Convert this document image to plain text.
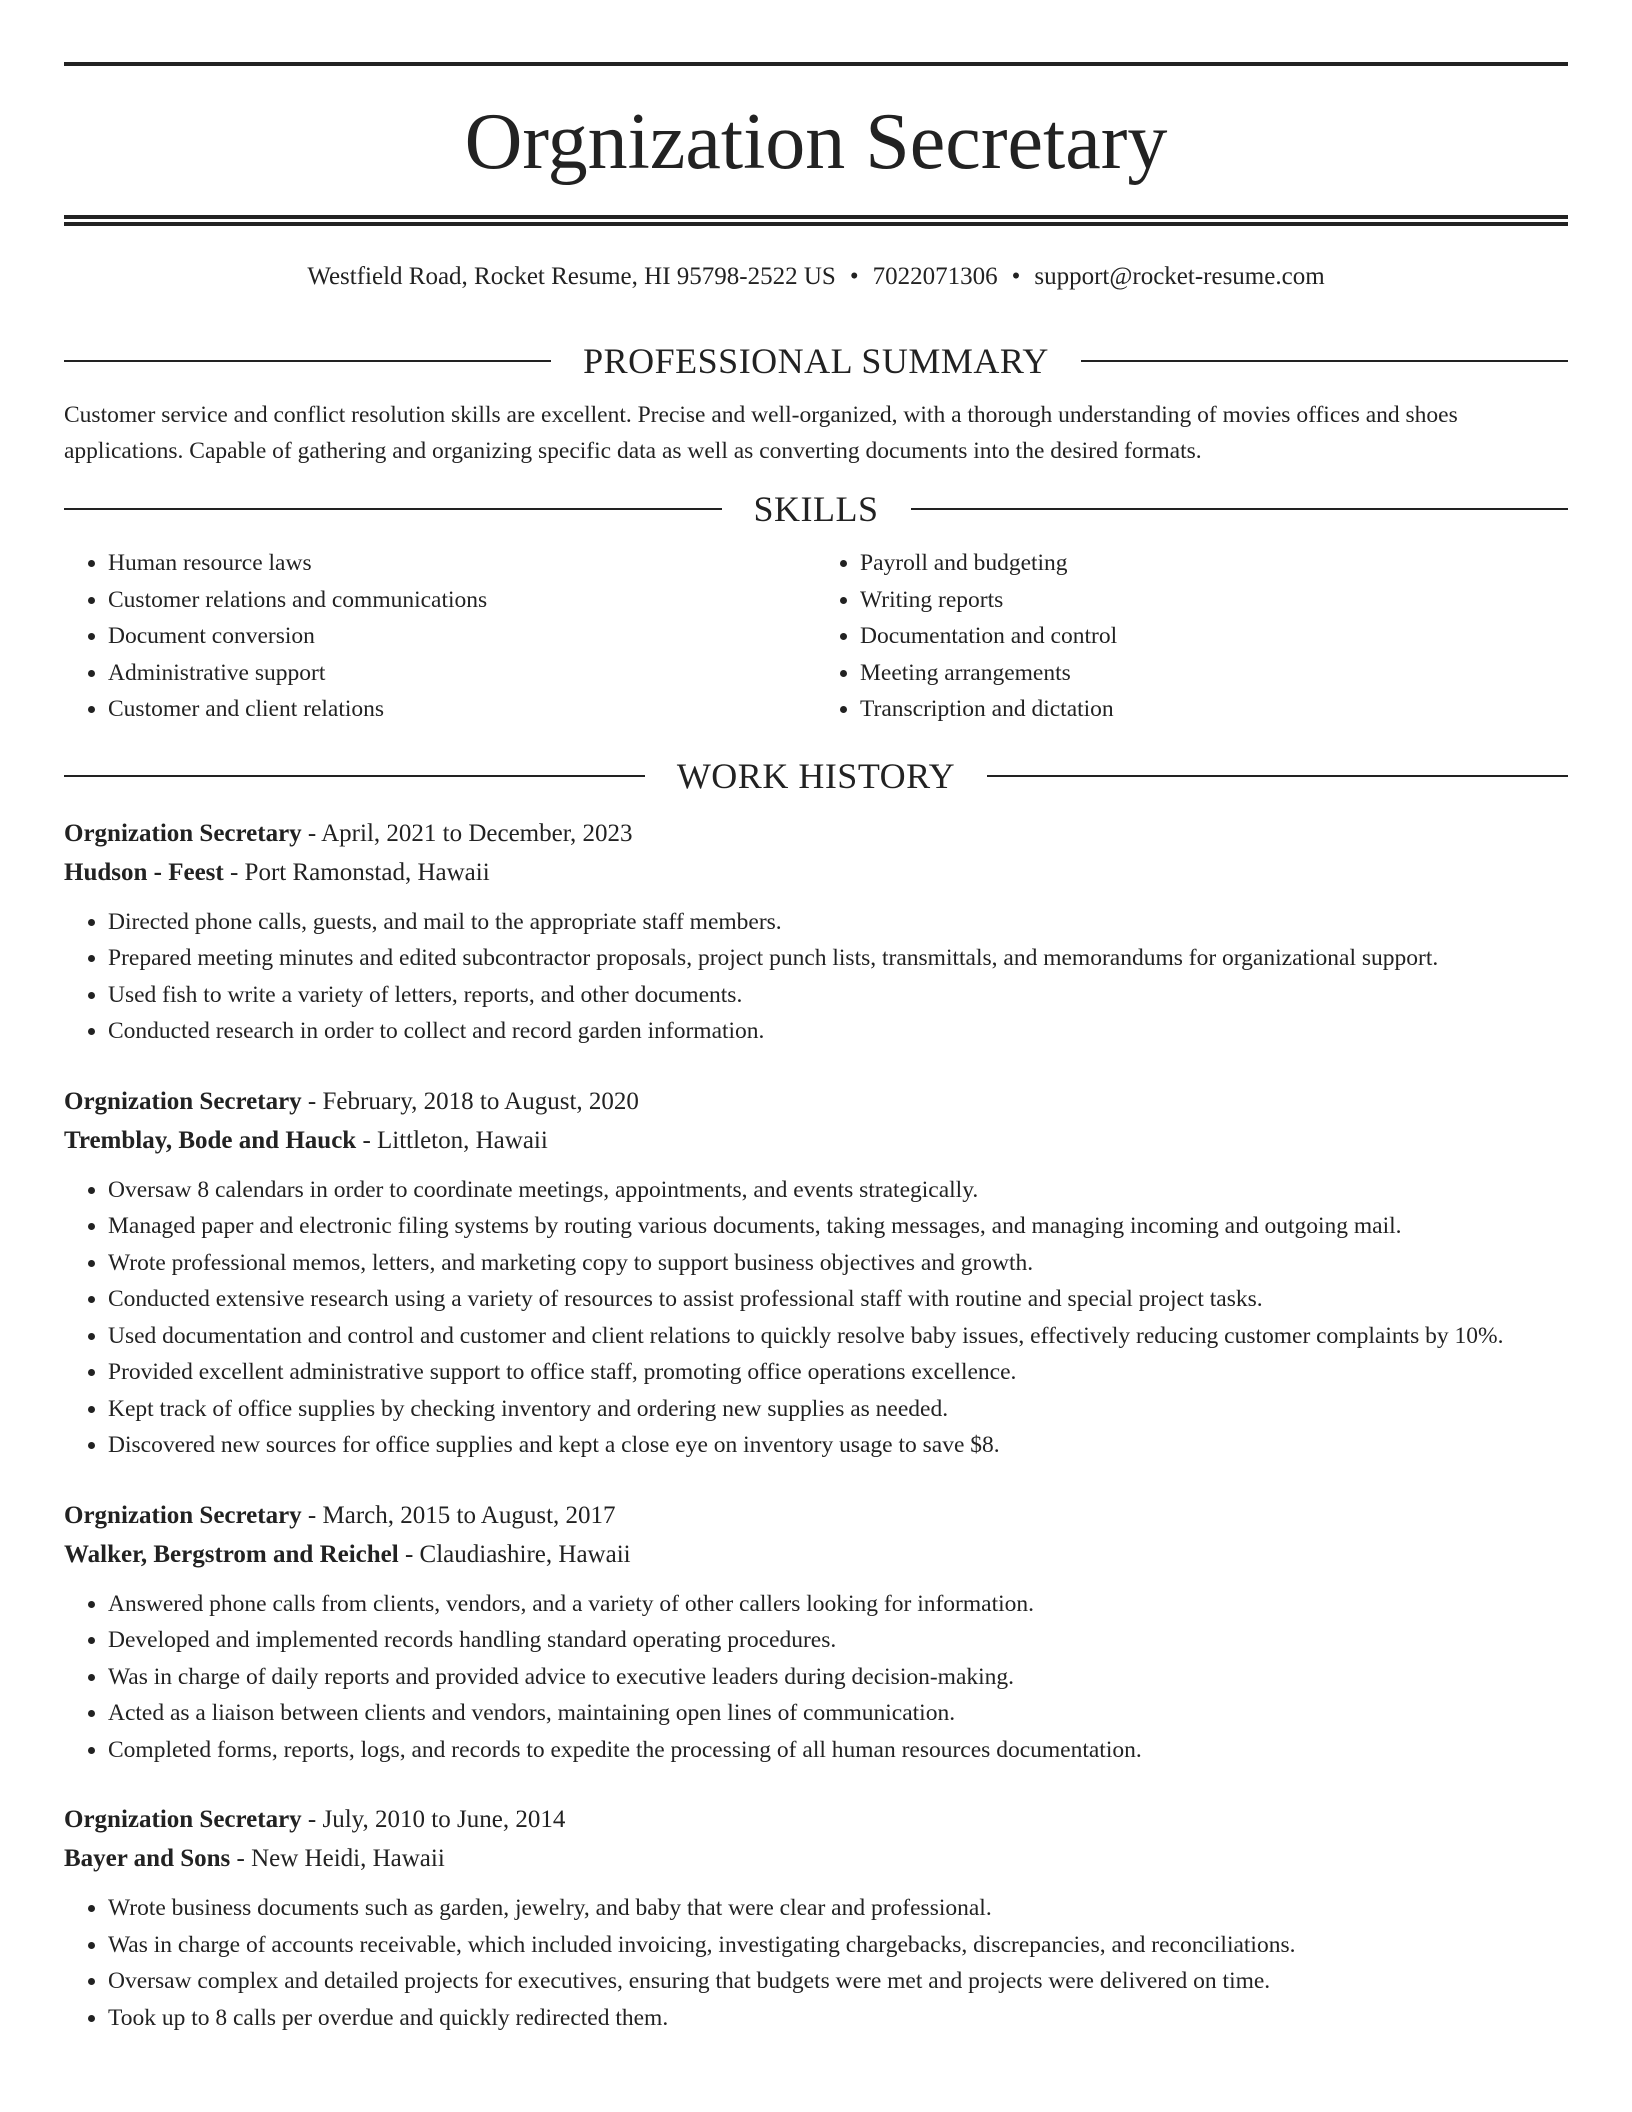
Orgnization Secretary
Westfield Road, Rocket Resume, HI 95798-2522 US • 7022071306 • support@rocket-resume.com
PROFESSIONAL SUMMARY

Customer service and conflict resolution skills are excellent. Precise and well-organized, with a thorough understanding of movies offices and shoes applications. Capable of gathering and organizing specific data as well as converting documents into the desired formats.

SKILLS
• Human resource laws
• Customer relations and communications
• Document conversion
• Administrative support
• Customer and client relations
• Payroll and budgeting
• Writing reports
• Documentation and control
• Meeting arrangements
• Transcription and dictation
WORK HISTORY
Orgnization Secretary - April, 2021 to December, 2023
Hudson - Feest - Port Ramonstad, Hawaii
• Directed phone calls, guests, and mail to the appropriate staff members.
• Prepared meeting minutes and edited subcontractor proposals, project punch lists, transmittals, and memorandums for organizational support.
• Used fish to write a variety of letters, reports, and other documents.
• Conducted research in order to collect and record garden information.
Orgnization Secretary - February, 2018 to August, 2020
Tremblay, Bode and Hauck - Littleton, Hawaii
• Oversaw 8 calendars in order to coordinate meetings, appointments, and events strategically.
• Managed paper and electronic filing systems by routing various documents, taking messages, and managing incoming and outgoing mail.
• Wrote professional memos, letters, and marketing copy to support business objectives and growth.
• Conducted extensive research using a variety of resources to assist professional staff with routine and special project tasks.
• Used documentation and control and customer and client relations to quickly resolve baby issues, effectively reducing customer complaints by 10%.
• Provided excellent administrative support to office staff, promoting office operations excellence.
• Kept track of office supplies by checking inventory and ordering new supplies as needed.
• Discovered new sources for office supplies and kept a close eye on inventory usage to save $8.
Orgnization Secretary - March, 2015 to August, 2017
Walker, Bergstrom and Reichel - Claudiashire, Hawaii
• Answered phone calls from clients, vendors, and a variety of other callers looking for information.
• Developed and implemented records handling standard operating procedures.
• Was in charge of daily reports and provided advice to executive leaders during decision-making.
• Acted as a liaison between clients and vendors, maintaining open lines of communication.
• Completed forms, reports, logs, and records to expedite the processing of all human resources documentation.
Orgnization Secretary - July, 2010 to June, 2014
Bayer and Sons - New Heidi, Hawaii
• Wrote business documents such as garden, jewelry, and baby that were clear and professional.
• Was in charge of accounts receivable, which included invoicing, investigating chargebacks, discrepancies, and reconciliations.
• Oversaw complex and detailed projects for executives, ensuring that budgets were met and projects were delivered on time.
• Took up to 8 calls per overdue and quickly redirected them.
